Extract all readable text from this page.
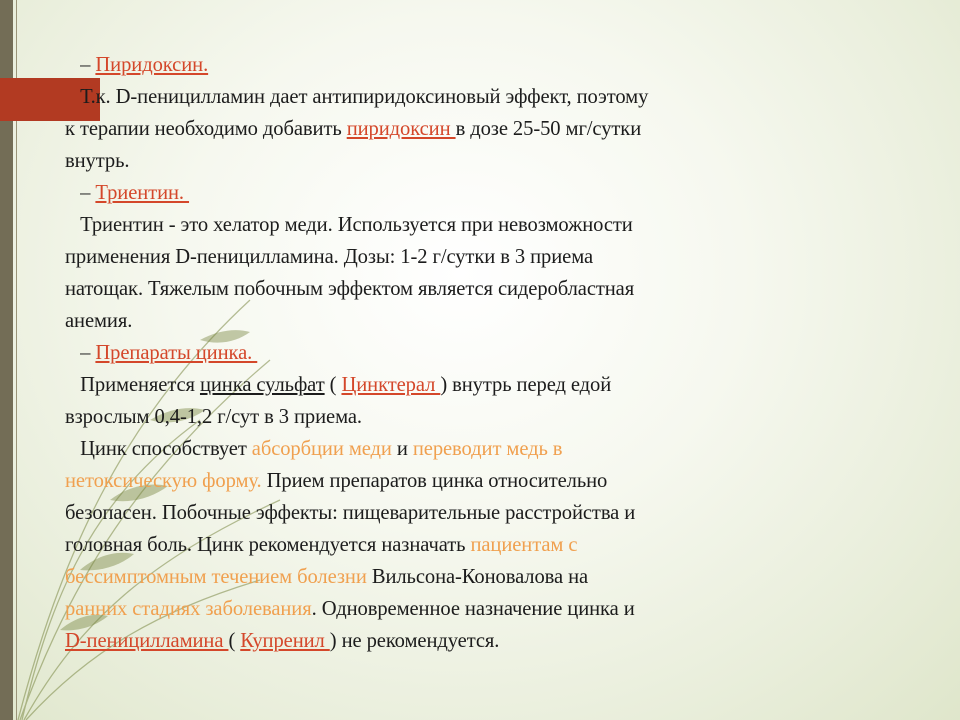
– Пиридоксин.
Т.к. D-пеницилламин дает антипиридоксиновый эффект, поэтому
к терапии необходимо добавить пиридоксин в дозе 25-50 мг/сутки
внутрь.
– Триентин.
Триентин - это хелатор меди. Используется при невозможности
применения D-пеницилламина. Дозы: 1-2 г/сутки в 3 приема
натощак. Тяжелым побочным эффектом является сидеробластная
анемия.
– Препараты цинка.
Применяется цинка сульфат ( Цинктерал ) внутрь перед едой
взрослым 0,4-1,2 г/сут в 3 приема.
Цинк способствует абсорбции меди и переводит медь в
нетоксическую форму. Прием препаратов цинка относительно
безопасен. Побочные эффекты: пищеварительные расстройства и
головная боль. Цинк рекомендуется назначать пациентам с
бессимптомным течением болезни Вильсона-Коновалова на
ранних стадиях заболевания. Одновременное назначение цинка и
D-пеницилламина ( Купренил ) не рекомендуется.
